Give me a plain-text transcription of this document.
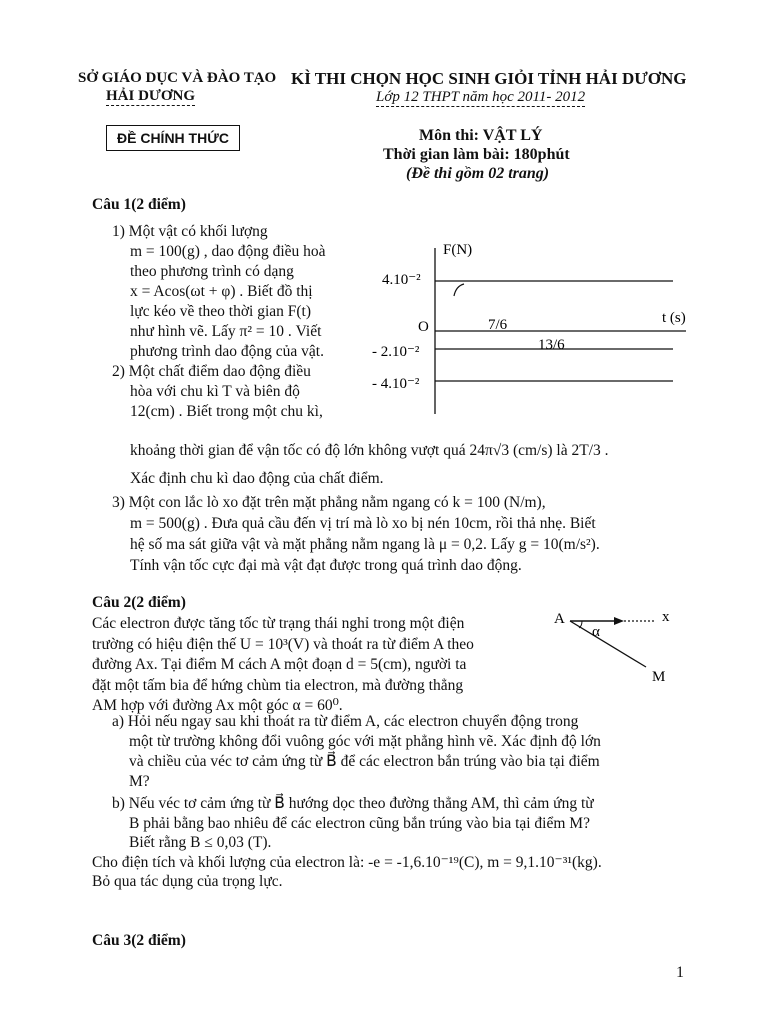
SỞ GIÁO DỤC VÀ ĐÀO TẠO
HẢI DƯƠNG
KÌ THI CHỌN HỌC SINH GIỎI TỈNH HẢI DƯƠNG
Lớp 12 THPT năm học 2011- 2012
ĐỀ CHÍNH THỨC	Môn thi: VẬT LÝ
Thời gian làm bài: 180phút
(Đề thi gồm 02 trang)
Câu 1(2 điểm)
1) Một vật có khối lượng
m = 100(g) , dao động điều hoà
theo phương trình có dạng
x = Acos(ωt + φ) . Biết đồ thị
lực kéo về theo thời gian F(t)
như hình vẽ. Lấy π² = 10 . Viết
phương trình dao động của vật.
2) Một chất điểm dao động điều
hòa với chu kì T và biên độ
12(cm) . Biết trong một chu kì,
khoảng thời gian để vận tốc có độ lớn không vượt quá 24π√3 (cm/s) là 2T/3 .
Xác định chu kì dao động của chất điểm.
3) Một con lắc lò xo đặt trên mặt phẳng nằm ngang có k = 100 (N/m),
m = 500(g) . Đưa quả cầu đến vị trí mà lò xo bị nén 10cm, rồi thả nhẹ. Biết
hệ số ma sát giữa vật và mặt phẳng nằm ngang là μ = 0,2. Lấy g = 10(m/s²).
Tính vận tốc cực đại mà vật đạt được trong quá trình dao động.
F(N)
t (s)
O
4.10⁻²
- 2.10⁻²
- 4.10⁻²
7/6
13/6
Câu 2(2 điểm)
Các electron được tăng tốc từ trạng thái nghỉ trong một điện
trường có hiệu điện thế U = 10³(V) và thoát ra từ điểm A theo
đường Ax. Tại điểm M cách A một đoạn d = 5(cm), người ta
đặt một tấm bia để hứng chùm tia electron, mà đường thẳng
AM hợp với đường Ax một góc α = 60⁰.
A	x
α
M
a) Hỏi nếu ngay sau khi thoát ra từ điểm A, các electron chuyển động trong
một từ trường không đổi vuông góc với mặt phẳng hình vẽ. Xác định độ lớn
và chiều của véc tơ cảm ứng từ B⃗ để các electron bắn trúng vào bia tại điểm
M?
b) Nếu véc tơ cảm ứng từ B⃗ hướng dọc theo đường thẳng AM, thì cảm ứng từ
B phải bằng bao nhiêu để các electron cũng bắn trúng vào bia tại điểm M?
Biết rằng B ≤ 0,03 (T).
Cho điện tích và khối lượng của electron là: -e = -1,6.10⁻¹⁹(C), m = 9,1.10⁻³¹(kg).
Bỏ qua tác dụng của trọng lực.
Câu 3(2 điểm)
1
